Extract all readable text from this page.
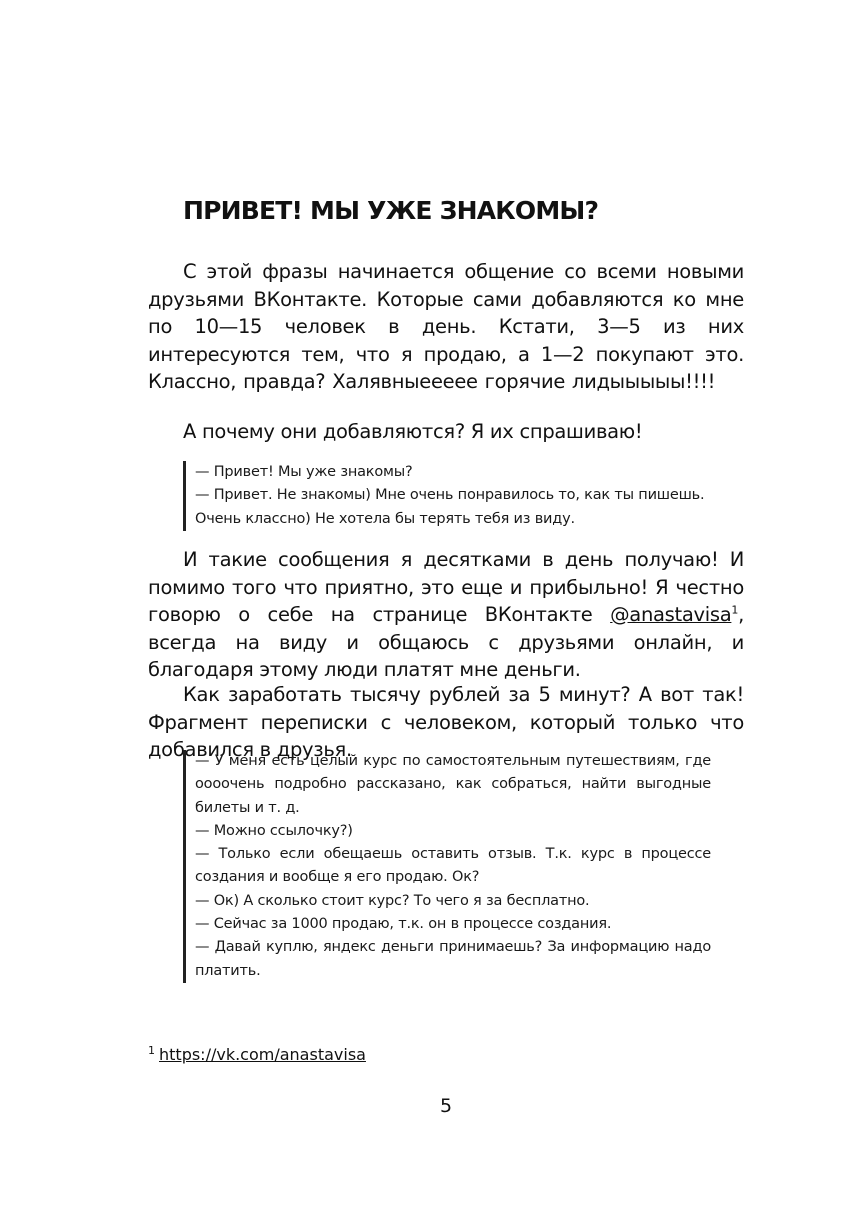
ПРИВЕТ! МЫ УЖЕ ЗНАКОМЫ?

С этой фразы начинается общение со всеми новыми друзьями ВКонтакте. Которые сами добавляются ко мне по 10—15 человек в день. Кстати, 3—5 из них интересуются тем, что я продаю, а 1—2 покупают это. Классно, правда? Халявныеееее горячие лидыыыыы!!!!

А почему они добавляются? Я их спрашиваю!

— Привет! Мы уже знакомы?
— Привет. Не знакомы) Мне очень понравилось то, как ты пишешь. Очень классно) Не хотела бы терять тебя из виду.

И такие сообщения я десятками в день получаю! И помимо того что приятно, это еще и прибыльно! Я честно говорю о себе на странице ВКонтакте @anastavisa$^1$, всегда на виду и общаюсь с друзьями онлайн, и благодаря этому люди платят мне деньги.

Как заработать тысячу рублей за 5 минут? А вот так! Фрагмент переписки с человеком, который только что добавился в друзья.

— У меня есть целый курс по самостоятельным путешествиям, где оооочень подробно рассказано, как собраться, найти выгодные билеты и т. д.
— Можно ссылочку?)
— Только если обещаешь оставить отзыв. Т.к. курс в процессе создания и вообще я его продаю. Ок?
— Ок) А сколько стоит курс? То чего я за бесплатно.
— Сейчас за 1000 продаю, т.к. он в процессе создания.
— Давай куплю, яндекс деньги принимаешь? За информацию надо платить.
$^1$ https://vk.com/anastavisa
5
